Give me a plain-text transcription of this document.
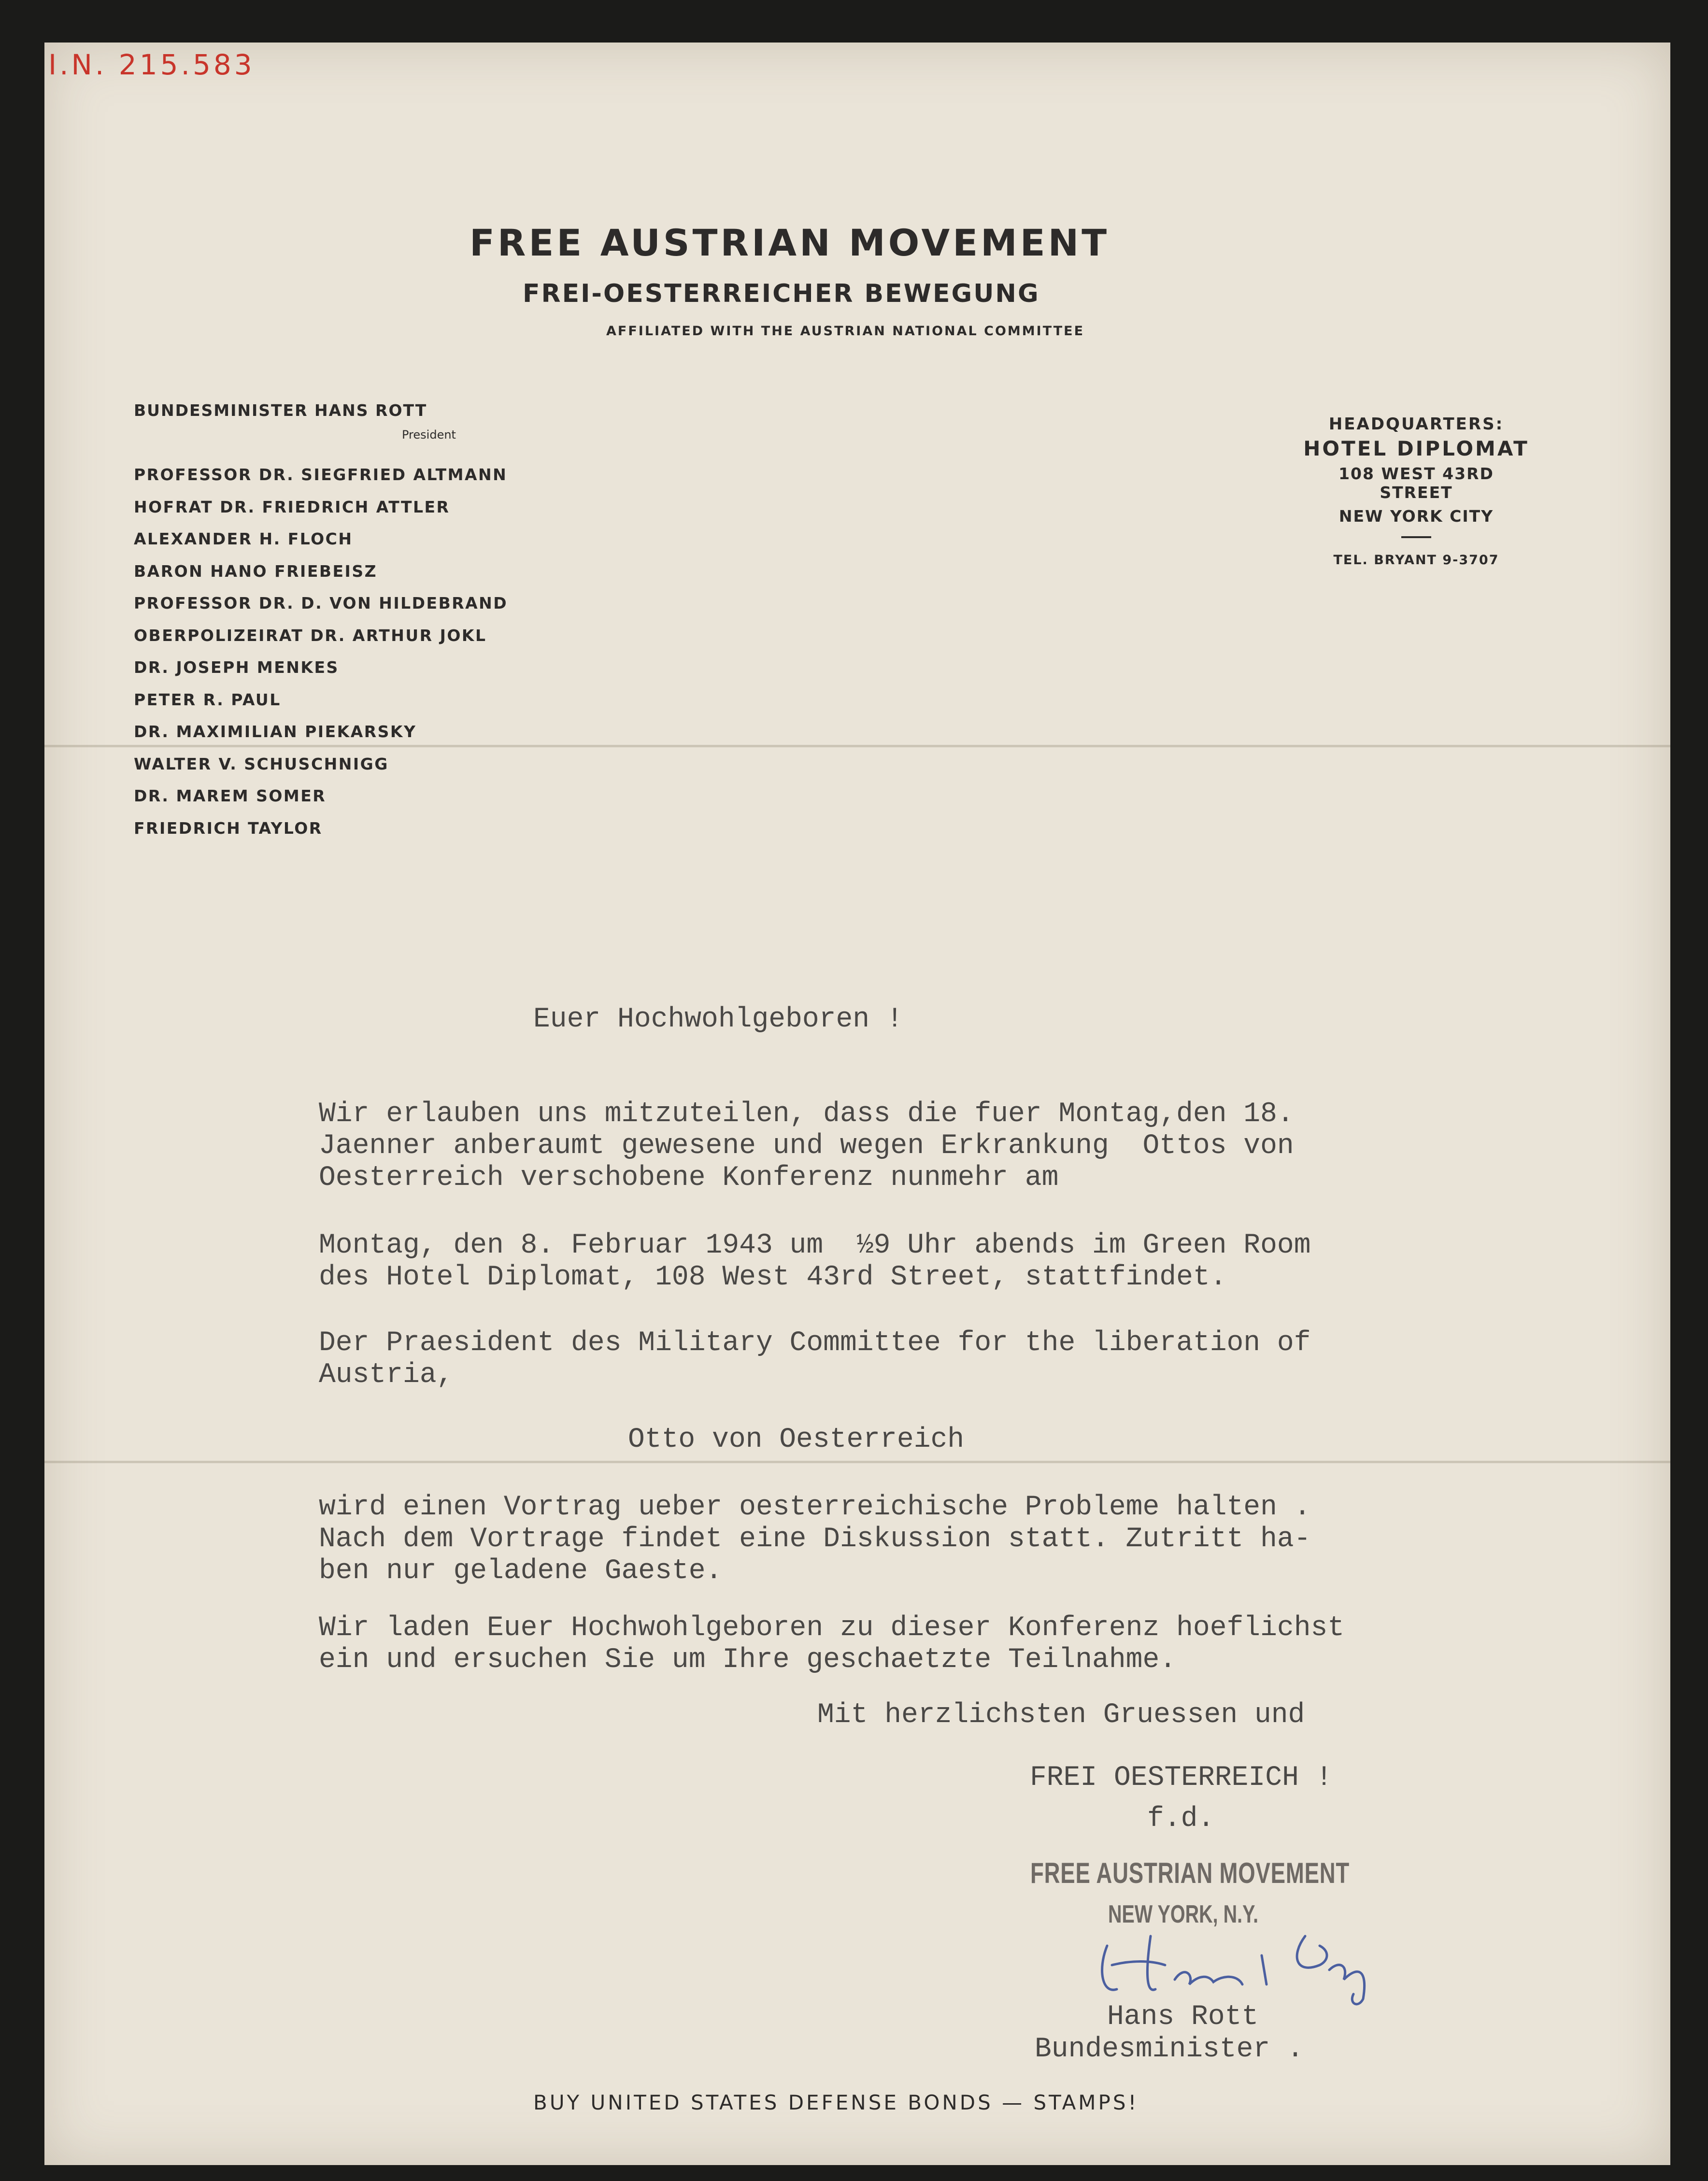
I.N. 215.583
FREE AUSTRIAN MOVEMENT
FREI-OESTERREICHER BEWEGUNG
AFFILIATED WITH THE AUSTRIAN NATIONAL COMMITTEE
BUNDESMINISTER HANS ROTT
President
PROFESSOR DR. SIEGFRIED ALTMANN
HOFRAT DR. FRIEDRICH ATTLER
ALEXANDER H. FLOCH
BARON HANO FRIEBEISZ
PROFESSOR DR. D. VON HILDEBRAND
OBERPOLIZEIRAT DR. ARTHUR JOKL
DR. JOSEPH MENKES
PETER R. PAUL
DR. MAXIMILIAN PIEKARSKY
WALTER V. SCHUSCHNIGG
DR. MAREM SOMER
FRIEDRICH TAYLOR
HEADQUARTERS:
HOTEL DIPLOMAT
108 WEST 43RD STREET
NEW YORK CITY
TEL. BRYANT 9-3707
Euer Hochwohlgeboren !
Wir erlauben uns mitzuteilen, dass die fuer Montag,den 18.
Jaenner anberaumt gewesene und wegen Erkrankung  Ottos von
Oesterreich verschobene Konferenz nunmehr am
Montag, den 8. Februar 1943 um  ½9 Uhr abends im Green Room
des Hotel Diplomat, 108 West 43rd Street, stattfindet.
Der Praesident des Military Committee for the liberation of
Austria,
Otto von Oesterreich
wird einen Vortrag ueber oesterreichische Probleme halten .
Nach dem Vortrage findet eine Diskussion statt. Zutritt ha-
ben nur geladene Gaeste.
Wir laden Euer Hochwohlgeboren zu dieser Konferenz hoeflichst
ein und ersuchen Sie um Ihre geschaetzte Teilnahme.
Mit herzlichsten Gruessen und
FREI OESTERREICH !
f.d.
FREE AUSTRIAN MOVEMENT
NEW YORK, N.Y.
Hans Rott
Bundesminister .
BUY UNITED STATES DEFENSE BONDS — STAMPS!
